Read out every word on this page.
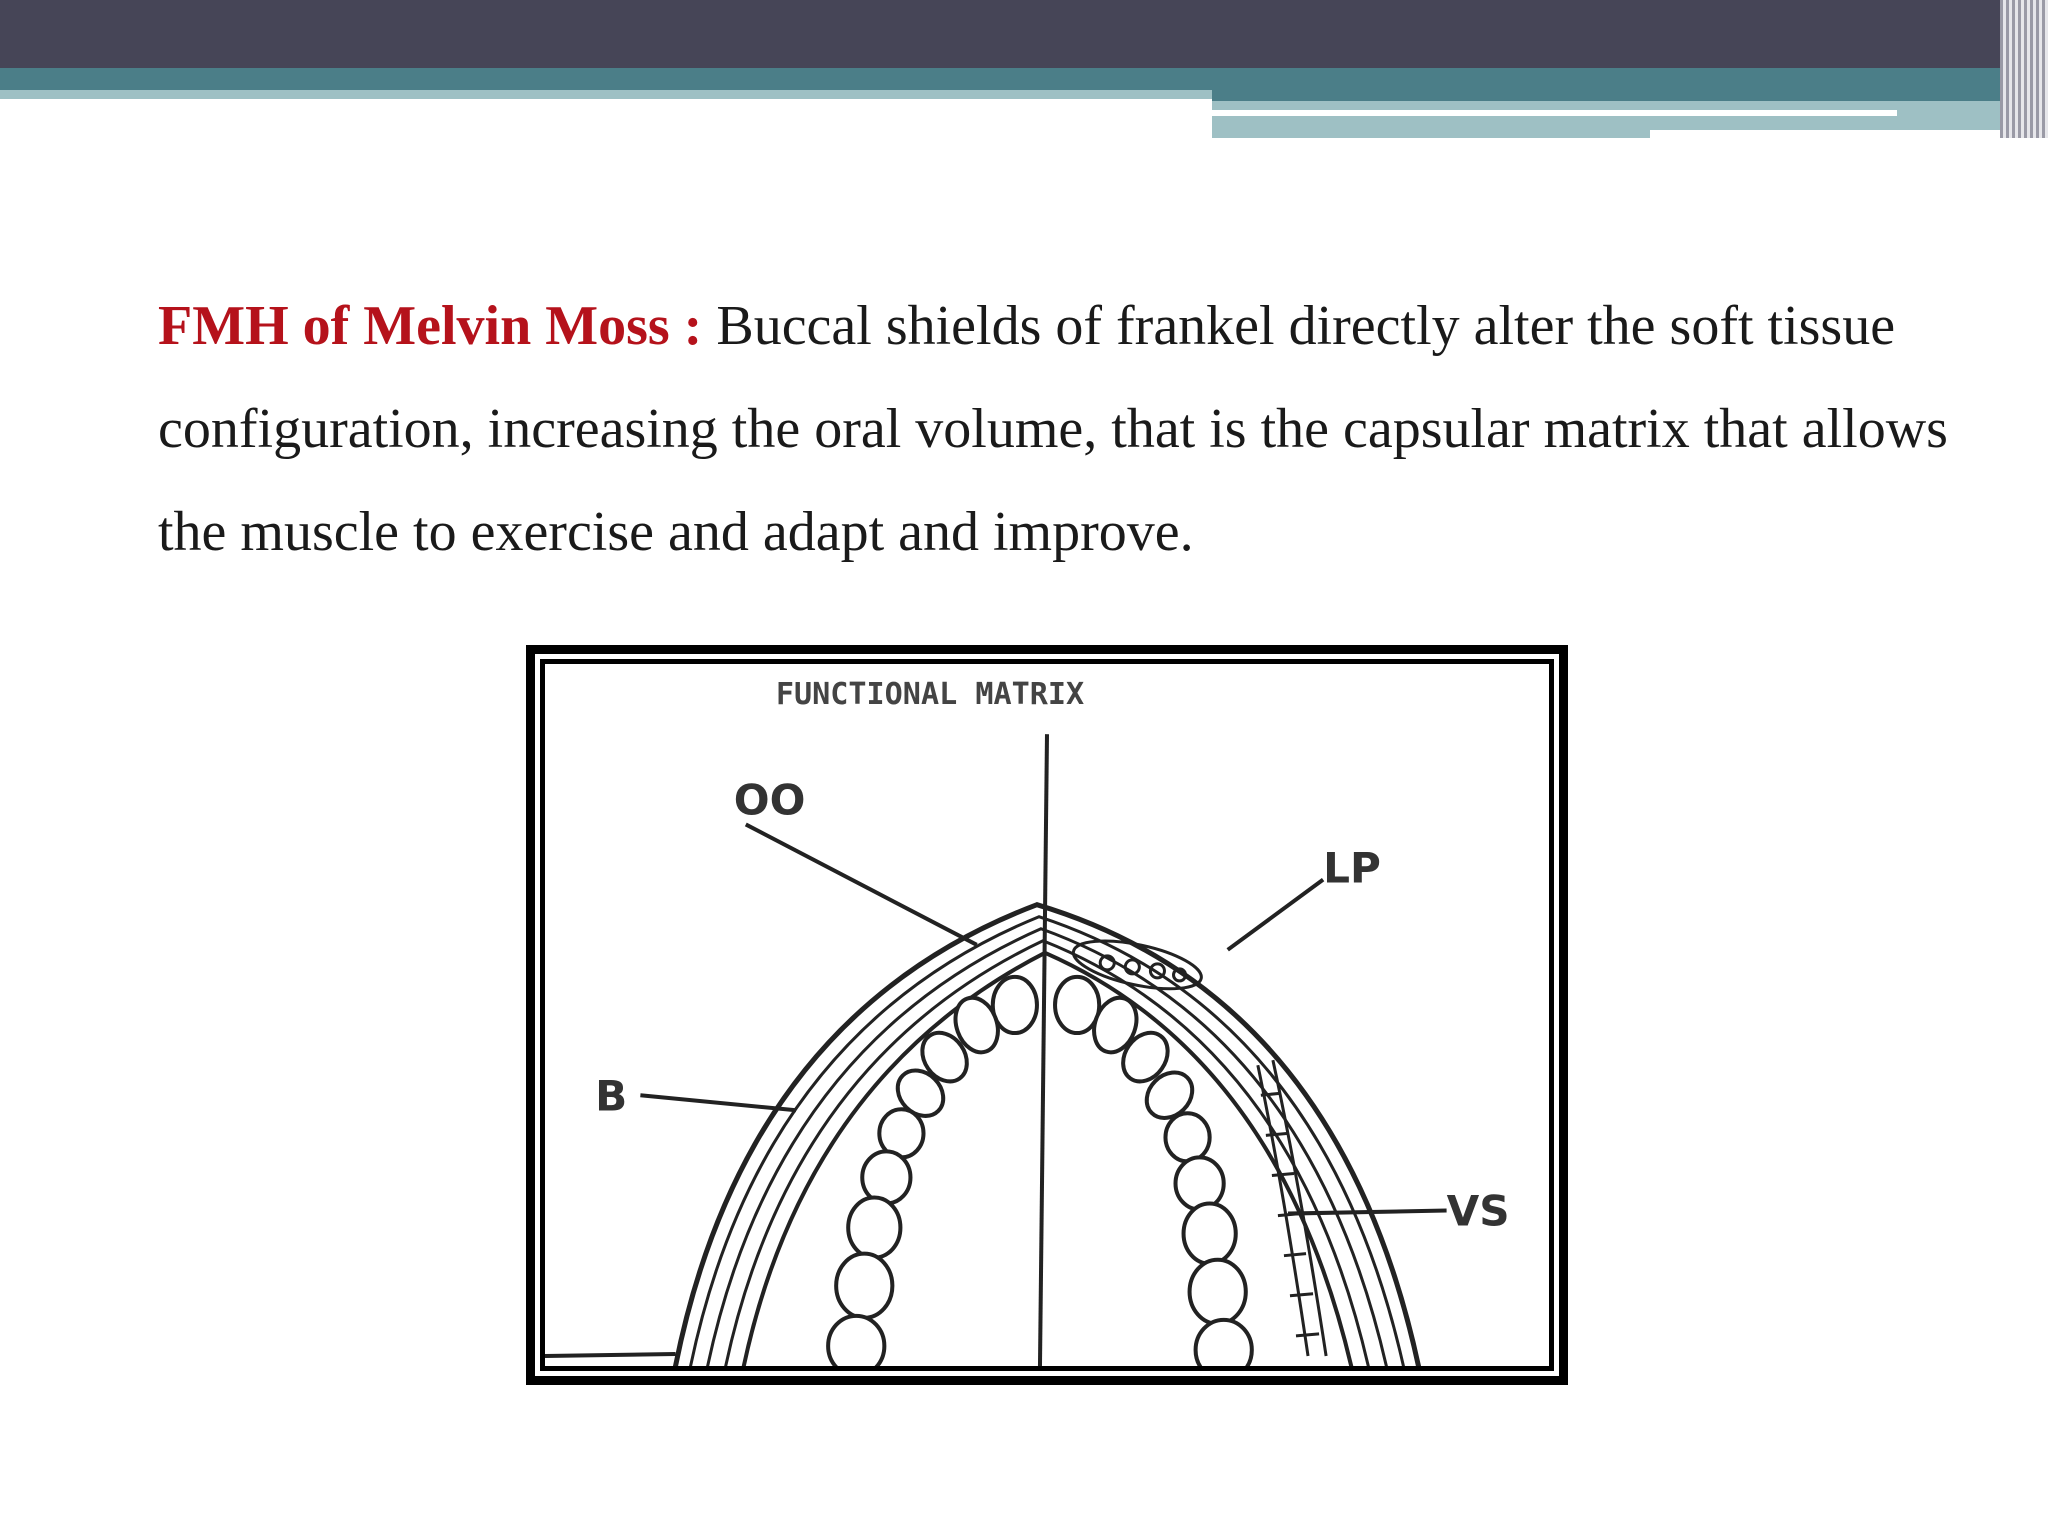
FMH of Melvin Moss : Buccal shields of frankel directly alter the soft tissue configuration, increasing the oral volume, that is the capsular matrix that allows the muscle to exercise and adapt and improve.

FUNCTIONAL MATRIX
OO
LP
B
VS
